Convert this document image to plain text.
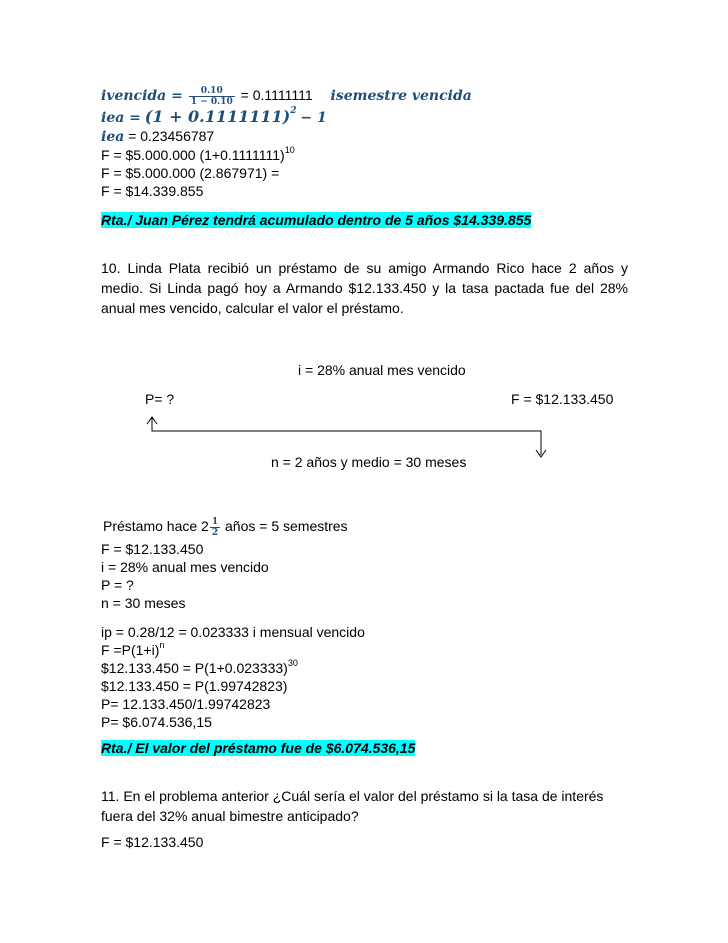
ivencida = $\frac{0.10}{1 - 0.10} = 0.1111111$ isemestre vencida
iea = $(1 + 0.1111111)^2 - 1$
iea = 0.23456787
F = $5.000.000 $(1+0.1111111)^{10}$
F = $5.000.000 (2.867971) =
F = $14.339.855
Rta./ Juan Pérez tendrá acumulado dentro de 5 años $14.339.855
10. Linda Plata recibió un préstamo de su amigo Armando Rico hace 2 años y medio. Si Linda pagó hoy a Armando $12.133.450 y la tasa pactada fue del 28% anual mes vencido, calcular el valor el préstamo.
i = 28% anual mes vencido
P= ?	F = $12.133.450
n = 2 años y medio = 30 meses
Préstamo hace $2 \frac{1}{2}$ años = 5 semestres
F = $12.133.450
i = 28% anual mes vencido
P = ?
n = 30 meses
ip = 0.28/12 = 0.023333 i mensual vencido
$F =P(1+i)^n$
$12.133.450 = $P(1+0.023333)^{30}$
$12.133.450 = P(1.99742823)
P= 12.133.450/1.99742823
P= $6.074.536,15
Rta./ El valor del préstamo fue de $6.074.536,15
11. En el problema anterior ¿Cuál sería el valor del préstamo si la tasa de interés fuera del 32% anual bimestre anticipado?
F = $12.133.450
